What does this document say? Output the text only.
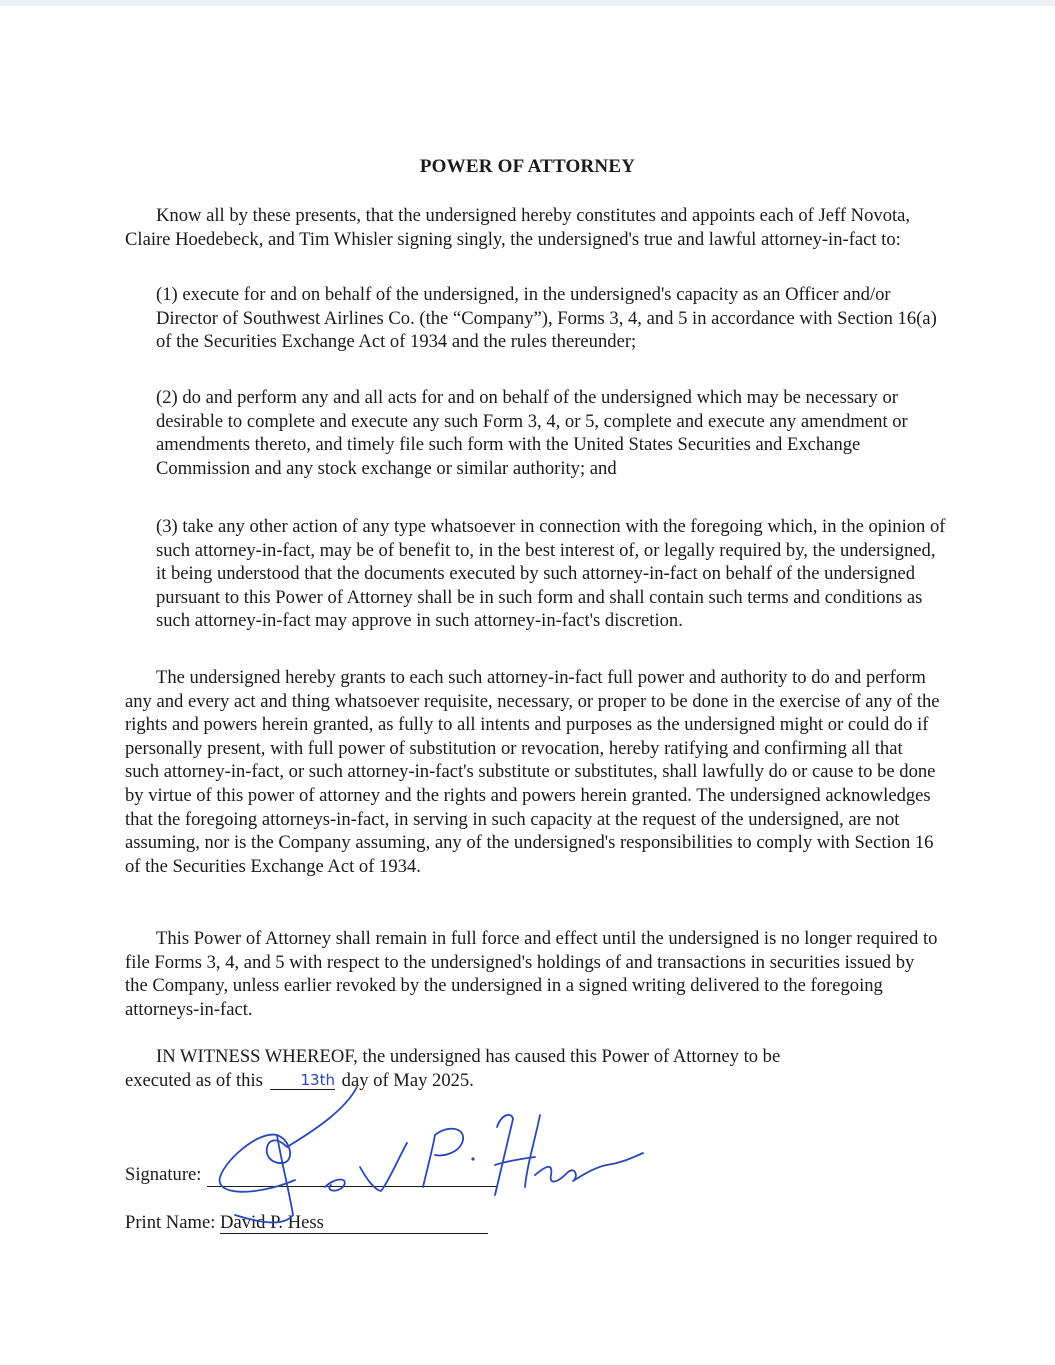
POWER OF ATTORNEY

Know all by these presents, that the undersigned hereby constitutes and appoints each of Jeff Novota, Claire Hoedebeck, and Tim Whisler signing singly, the undersigned's true and lawful attorney-in-fact to:

(1) execute for and on behalf of the undersigned, in the undersigned's capacity as an Officer and/or Director of Southwest Airlines Co. (the “Company”), Forms 3, 4, and 5 in accordance with Section 16(a) of the Securities Exchange Act of 1934 and the rules thereunder;

(2) do and perform any and all acts for and on behalf of the undersigned which may be necessary or desirable to complete and execute any such Form 3, 4, or 5, complete and execute any amendment or amendments thereto, and timely file such form with the United States Securities and Exchange Commission and any stock exchange or similar authority; and

(3) take any other action of any type whatsoever in connection with the foregoing which, in the opinion of such attorney-in-fact, may be of benefit to, in the best interest of, or legally required by, the undersigned, it being understood that the documents executed by such attorney-in-fact on behalf of the undersigned pursuant to this Power of Attorney shall be in such form and shall contain such terms and conditions as such attorney-in-fact may approve in such attorney-in-fact's discretion.

The undersigned hereby grants to each such attorney-in-fact full power and authority to do and perform any and every act and thing whatsoever requisite, necessary, or proper to be done in the exercise of any of the rights and powers herein granted, as fully to all intents and purposes as the undersigned might or could do if personally present, with full power of substitution or revocation, hereby ratifying and confirming all that such attorney-in-fact, or such attorney-in-fact's substitute or substitutes, shall lawfully do or cause to be done by virtue of this power of attorney and the rights and powers herein granted. The undersigned acknowledges that the foregoing attorneys-in-fact, in serving in such capacity at the request of the undersigned, are not assuming, nor is the Company assuming, any of the undersigned's responsibilities to comply with Section 16 of the Securities Exchange Act of 1934.

This Power of Attorney shall remain in full force and effect until the undersigned is no longer required to file Forms 3, 4, and 5 with respect to the undersigned's holdings of and transactions in securities issued by the Company, unless earlier revoked by the undersigned in a signed writing delivered to the foregoing attorneys-in-fact.

IN WITNESS WHEREOF, the undersigned has caused this Power of Attorney to be
executed as of this	13th day of May 2025.
Signature:
Print Name: David P. Hess
